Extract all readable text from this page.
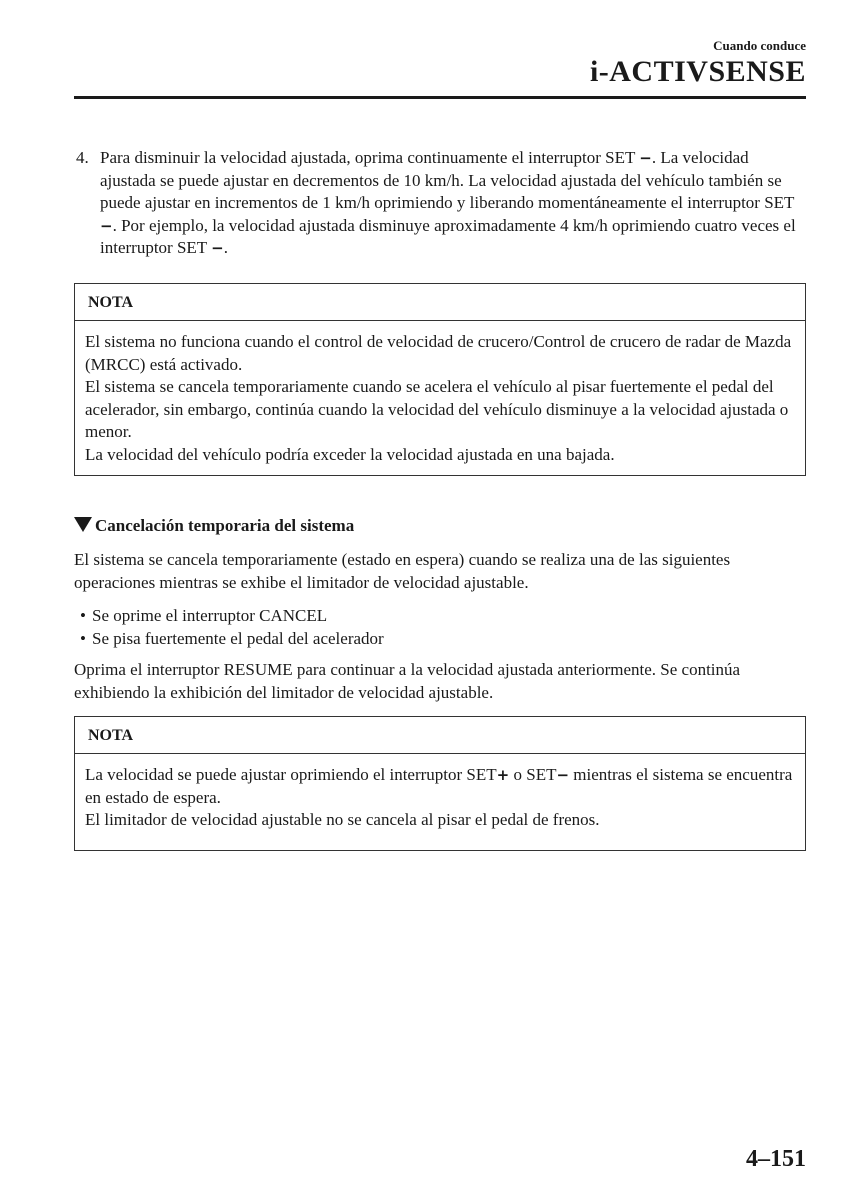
Cuando conduce
i-ACTIVSENSE

4. Para disminuir la velocidad ajustada, oprima continuamente el interruptor SET −. La velocidad ajustada se puede ajustar en decrementos de 10 km/h. La velocidad ajustada del vehículo también se puede ajustar en incrementos de 1 km/h oprimiendo y liberando momentáneamente el interruptor SET −. Por ejemplo, la velocidad ajustada disminuye aproximadamente 4 km/h oprimiendo cuatro veces el interruptor SET −.

NOTA

El sistema no funciona cuando el control de velocidad de crucero/Control de crucero de radar de Mazda (MRCC) está activado.

El sistema se cancela temporariamente cuando se acelera el vehículo al pisar fuertemente el pedal del acelerador, sin embargo, continúa cuando la velocidad del vehículo disminuye a la velocidad ajustada o menor.

La velocidad del vehículo podría exceder la velocidad ajustada en una bajada.

Cancelación temporaria del sistema

El sistema se cancela temporariamente (estado en espera) cuando se realiza una de las siguientes operaciones mientras se exhibe el limitador de velocidad ajustable.

• Se oprime el interruptor CANCEL
• Se pisa fuertemente el pedal del acelerador

Oprima el interruptor RESUME para continuar a la velocidad ajustada anteriormente. Se continúa exhibiendo la exhibición del limitador de velocidad ajustable.

NOTA

La velocidad se puede ajustar oprimiendo el interruptor SET+ o SET− mientras el sistema se encuentra en estado de espera.

El limitador de velocidad ajustable no se cancela al pisar el pedal de frenos.

4–151
